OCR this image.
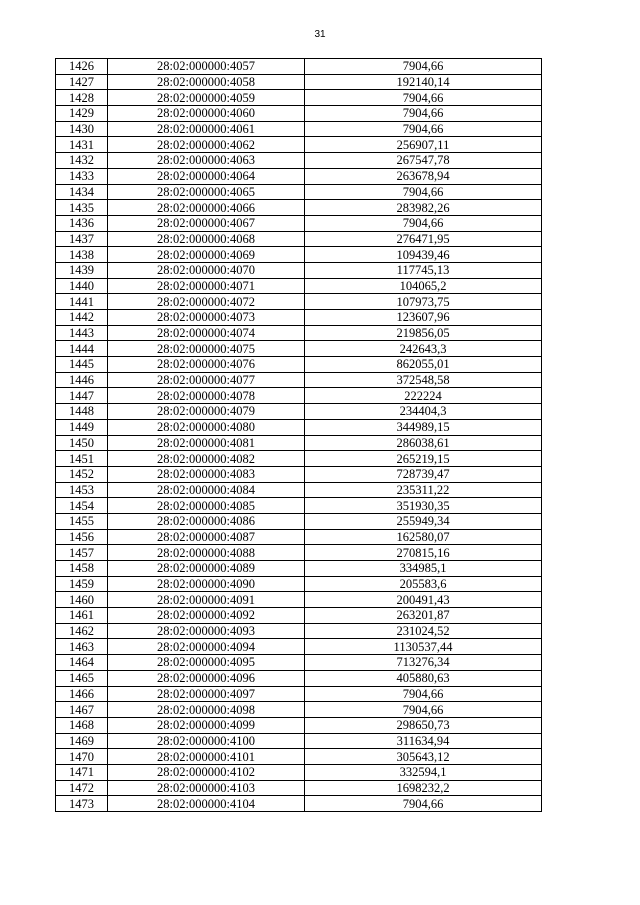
31
1426	28:02:000000:4057	7904,66
1427	28:02:000000:4058	192140,14
1428	28:02:000000:4059	7904,66
1429	28:02:000000:4060	7904,66
1430	28:02:000000:4061	7904,66
1431	28:02:000000:4062	256907,11
1432	28:02:000000:4063	267547,78
1433	28:02:000000:4064	263678,94
1434	28:02:000000:4065	7904,66
1435	28:02:000000:4066	283982,26
1436	28:02:000000:4067	7904,66
1437	28:02:000000:4068	276471,95
1438	28:02:000000:4069	109439,46
1439	28:02:000000:4070	117745,13
1440	28:02:000000:4071	104065,2
1441	28:02:000000:4072	107973,75
1442	28:02:000000:4073	123607,96
1443	28:02:000000:4074	219856,05
1444	28:02:000000:4075	242643,3
1445	28:02:000000:4076	862055,01
1446	28:02:000000:4077	372548,58
1447	28:02:000000:4078	222224
1448	28:02:000000:4079	234404,3
1449	28:02:000000:4080	344989,15
1450	28:02:000000:4081	286038,61
1451	28:02:000000:4082	265219,15
1452	28:02:000000:4083	728739,47
1453	28:02:000000:4084	235311,22
1454	28:02:000000:4085	351930,35
1455	28:02:000000:4086	255949,34
1456	28:02:000000:4087	162580,07
1457	28:02:000000:4088	270815,16
1458	28:02:000000:4089	334985,1
1459	28:02:000000:4090	205583,6
1460	28:02:000000:4091	200491,43
1461	28:02:000000:4092	263201,87
1462	28:02:000000:4093	231024,52
1463	28:02:000000:4094	1130537,44
1464	28:02:000000:4095	713276,34
1465	28:02:000000:4096	405880,63
1466	28:02:000000:4097	7904,66
1467	28:02:000000:4098	7904,66
1468	28:02:000000:4099	298650,73
1469	28:02:000000:4100	311634,94
1470	28:02:000000:4101	305643,12
1471	28:02:000000:4102	332594,1
1472	28:02:000000:4103	1698232,2
1473	28:02:000000:4104	7904,66
